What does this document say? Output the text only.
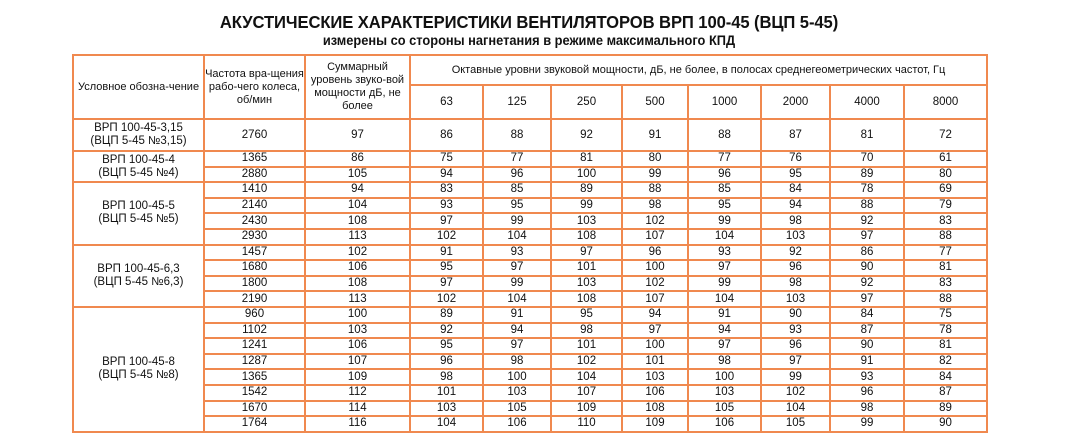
АКУСТИЧЕСКИЕ ХАРАКТЕРИСТИКИ ВЕНТИЛЯТОРОВ ВРП 100-45 (ВЦП 5-45)
измерены со стороны нагнетания в режиме максимального КПД
Условное обозна-чение	Частота вра-щения рабо-чего колеса, об/мин	Суммарный уровень звуко-вой мощности дБ, не более	Октавные уровни звуковой мощности, дБ, не более, в полосах среднегеометрических частот, Гц							
			63	125	250	500	1000	2000	4000	8000

ВРП 100-45-3,15
(ВЦП 5-45 №3,15)	2760	97	86	88	92	91	88	87	81	72

ВРП 100-45-4
(ВЦП 5-45 №4)	1365	86	75	77	81	80	77	76	70	61
	2880	105	94	96	100	99	96	95	89	80

ВРП 100-45-5
(ВЦП 5-45 №5)	1410	94	83	85	89	88	85	84	78	69
	2140	104	93	95	99	98	95	94	88	79
	2430	108	97	99	103	102	99	98	92	83
	2930	113	102	104	108	107	104	103	97	88

ВРП 100-45-6,3
(ВЦП 5-45 №6,3)	1457	102	91	93	97	96	93	92	86	77
	1680	106	95	97	101	100	97	96	90	81
	1800	108	97	99	103	102	99	98	92	83
	2190	113	102	104	108	107	104	103	97	88

ВРП 100-45-8
(ВЦП 5-45 №8)	960	100	89	91	95	94	91	90	84	75
	1102	103	92	94	98	97	94	93	87	78
	1241	106	95	97	101	100	97	96	90	81
	1287	107	96	98	102	101	98	97	91	82
	1365	109	98	100	104	103	100	99	93	84
	1542	112	101	103	107	106	103	102	96	87
	1670	114	103	105	109	108	105	104	98	89
	1764	116	104	106	110	109	106	105	99	90
